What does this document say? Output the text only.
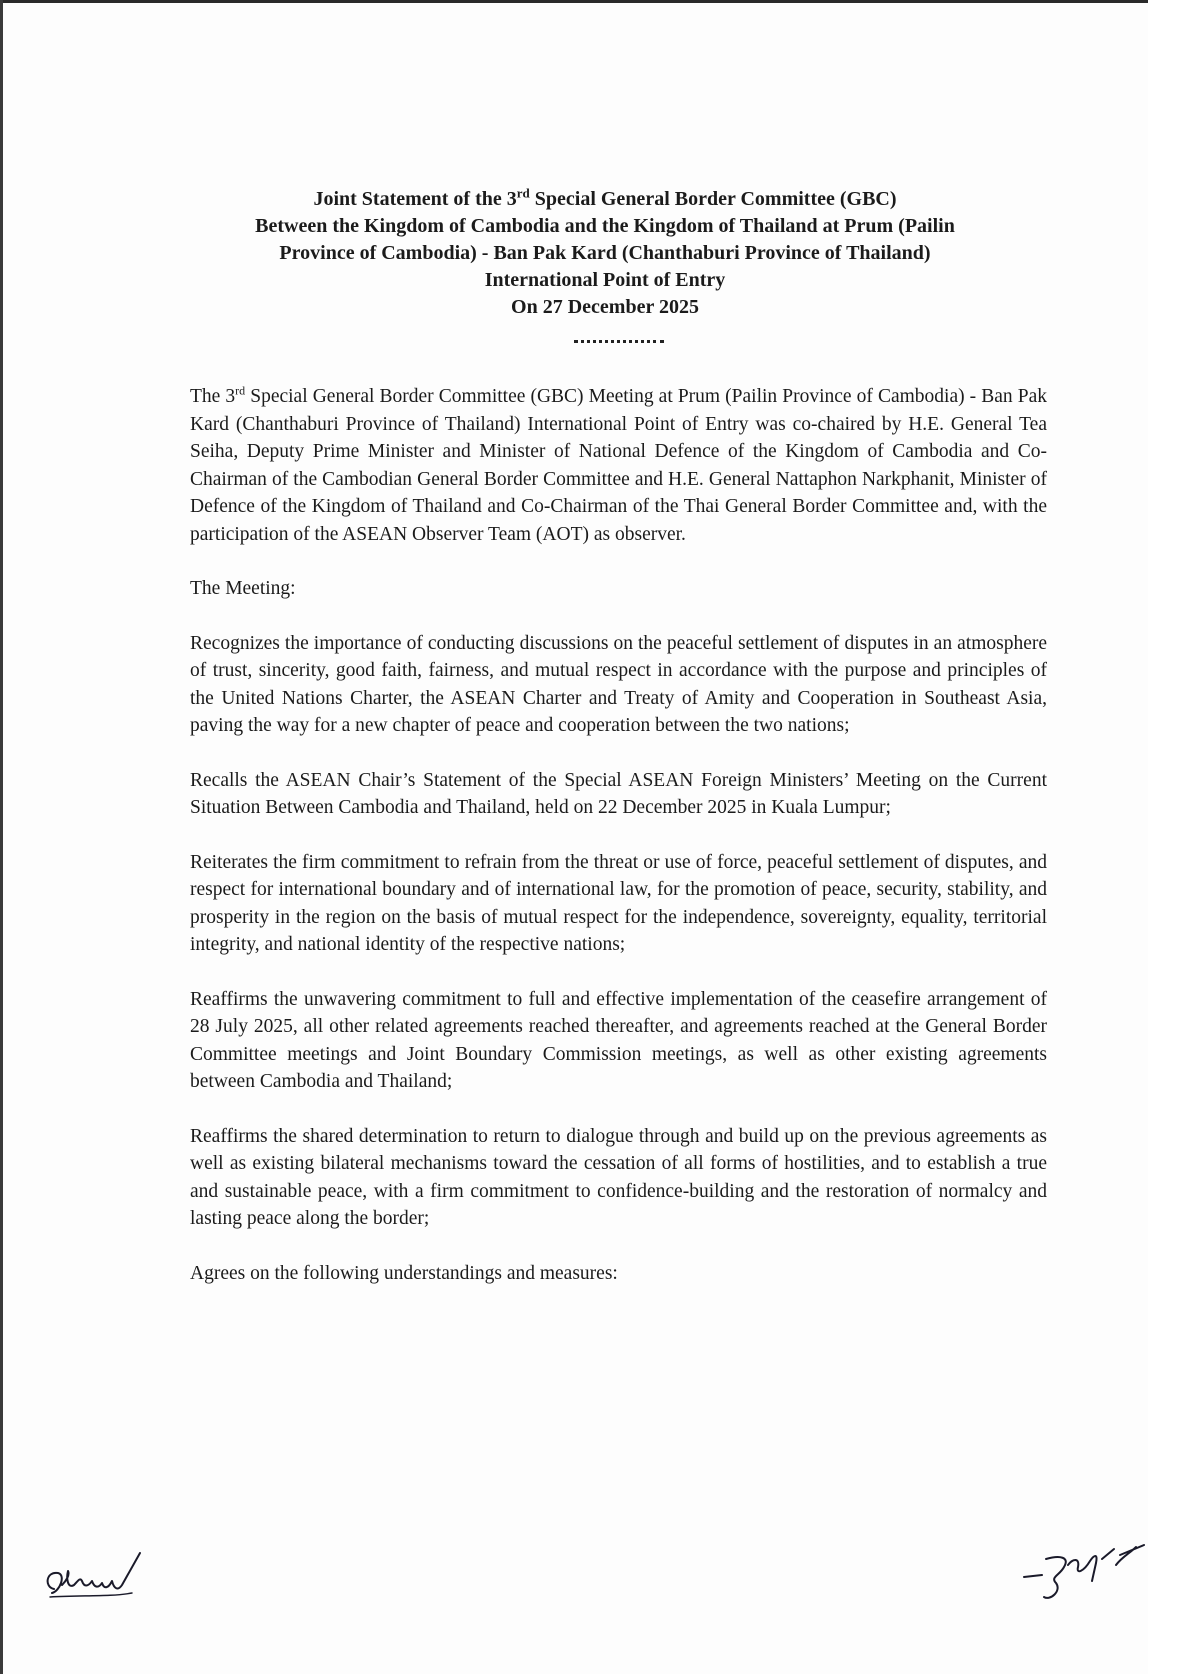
Joint Statement of the 3rd Special General Border Committee (GBC)
Between the Kingdom of Cambodia and the Kingdom of Thailand at Prum (Pailin
Province of Cambodia) - Ban Pak Kard (Chanthaburi Province of Thailand)
International Point of Entry
On 27 December 2025

The 3rd Special General Border Committee (GBC) Meeting at Prum (Pailin Province of Cambodia) - Ban Pak Kard (Chanthaburi Province of Thailand) International Point of Entry was co-chaired by H.E. General Tea Seiha, Deputy Prime Minister and Minister of National Defence of the Kingdom of Cambodia and Co-Chairman of the Cambodian General Border Committee and H.E. General Nattaphon Narkphanit, Minister of Defence of the Kingdom of Thailand and Co-Chairman of the Thai General Border Committee and, with the participation of the ASEAN Observer Team (AOT) as observer.

The Meeting:

Recognizes the importance of conducting discussions on the peaceful settlement of disputes in an atmosphere of trust, sincerity, good faith, fairness, and mutual respect in accordance with the purpose and principles of the United Nations Charter, the ASEAN Charter and Treaty of Amity and Cooperation in Southeast Asia, paving the way for a new chapter of peace and cooperation between the two nations;

Recalls the ASEAN Chair’s Statement of the Special ASEAN Foreign Ministers’ Meeting on the Current Situation Between Cambodia and Thailand, held on 22 December 2025 in Kuala Lumpur;

Reiterates the firm commitment to refrain from the threat or use of force, peaceful settlement of disputes, and respect for international boundary and of international law, for the promotion of peace, security, stability, and prosperity in the region on the basis of mutual respect for the independence, sovereignty, equality, territorial integrity, and national identity of the respective nations;

Reaffirms the unwavering commitment to full and effective implementation of the ceasefire arrangement of 28 July 2025, all other related agreements reached thereafter, and agreements reached at the General Border Committee meetings and Joint Boundary Commission meetings, as well as other existing agreements between Cambodia and Thailand;

Reaffirms the shared determination to return to dialogue through and build up on the previous agreements as well as existing bilateral mechanisms toward the cessation of all forms of hostilities, and to establish a true and sustainable peace, with a firm commitment to confidence-building and the restoration of normalcy and lasting peace along the border;

Agrees on the following understandings and measures:
